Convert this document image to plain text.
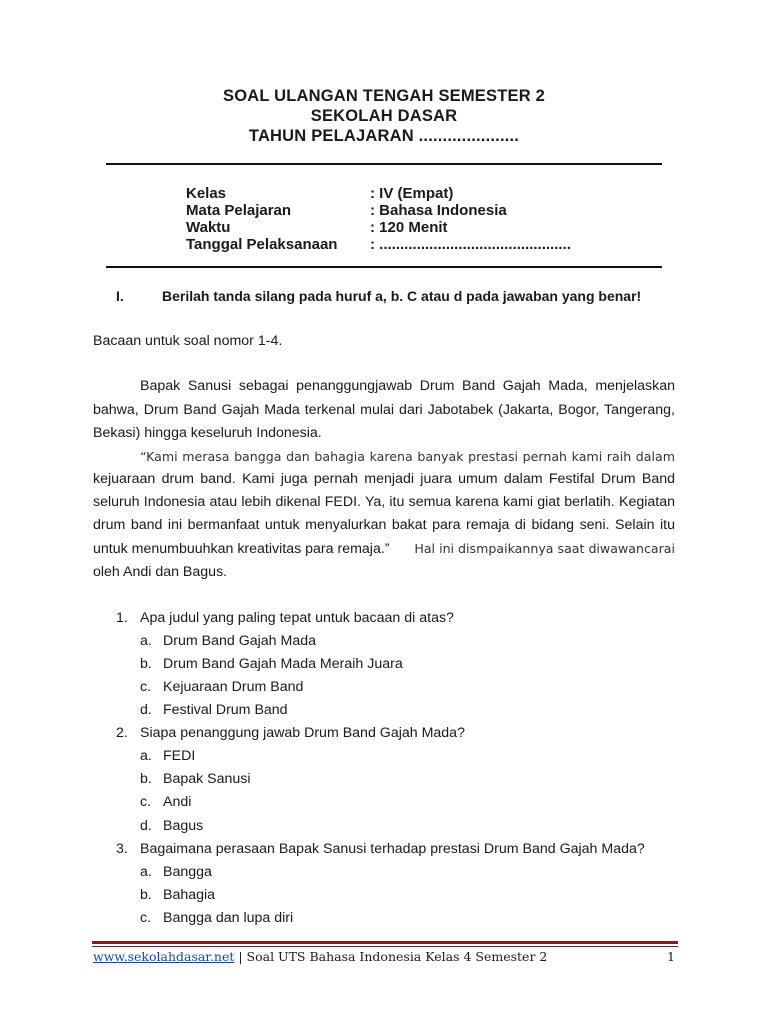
SOAL ULANGAN TENGAH SEMESTER 2
SEKOLAH DASAR
TAHUN PELAJARAN .....................
Kelas	: IV (Empat)
Mata Pelajaran	: Bahasa Indonesia
Waktu	: 120 Menit
Tanggal Pelaksanaan : ..............................................
I.	Berilah tanda silang pada huruf a, b. C atau d pada jawaban yang benar!
Bacaan untuk soal nomor 1-4.
Bapak Sanusi sebagai penanggungjawab Drum Band Gajah Mada, menjelaskan
bahwa, Drum Band Gajah Mada terkenal mulai dari Jabotabek (Jakarta, Bogor, Tangerang,
Bekasi) hingga keseluruh Indonesia.
“Kami merasa bangga dan bahagia karena banyak prestasi pernah kami raih dalam
kejuaraan drum band. Kami juga pernah menjadi juara umum dalam Festifal Drum Band
seluruh Indonesia atau lebih dikenal FEDI. Ya, itu semua karena kami giat berlatih. Kegiatan
drum band ini bermanfaat untuk menyalurkan bakat para remaja di bidang seni. Selain itu
untuk menumbuuhkan kreativitas para remaja.” Hal ini dismpaikannya saat diwawancarai
oleh Andi dan Bagus.
1. Apa judul yang paling tepat untuk bacaan di atas?
a. Drum Band Gajah Mada
b. Drum Band Gajah Mada Meraih Juara
c. Kejuaraan Drum Band
d. Festival Drum Band
2. Siapa penanggung jawab Drum Band Gajah Mada?
a. FEDI
b. Bapak Sanusi
c. Andi
d. Bagus
3. Bagaimana perasaan Bapak Sanusi terhadap prestasi Drum Band Gajah Mada?
a. Bangga
b. Bahagia
c. Bangga dan lupa diri
www.sekolahdasar.net | Soal UTS Bahasa Indonesia Kelas 4 Semester 2	1
